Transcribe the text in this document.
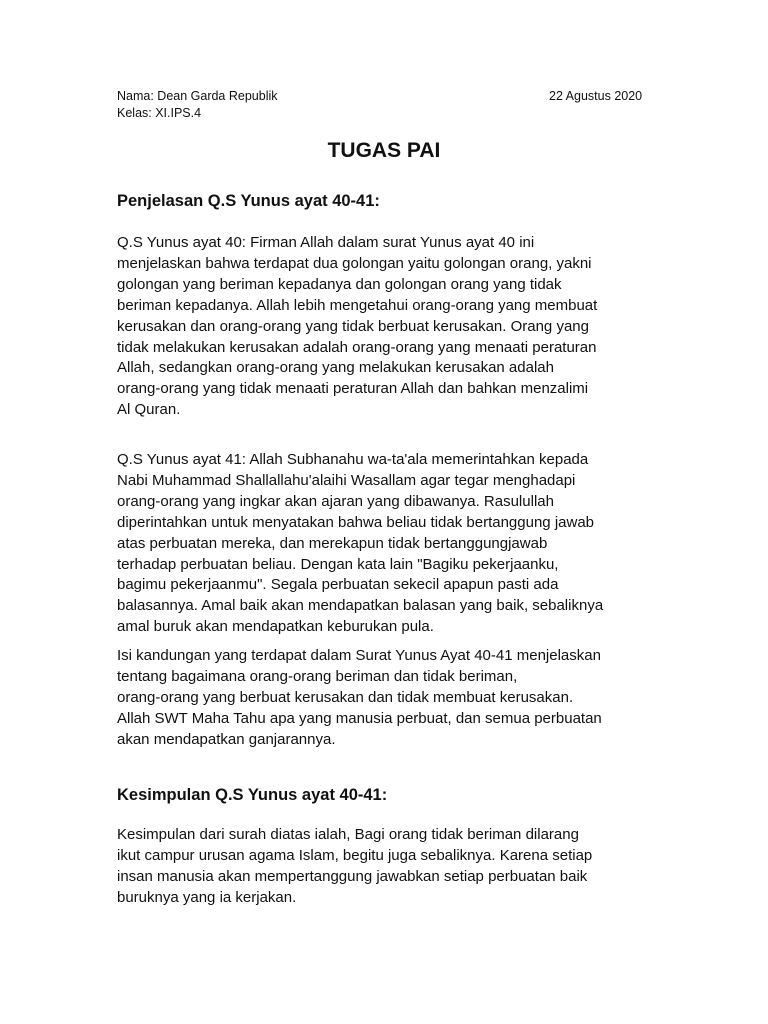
Nama: Dean Garda Republik
Kelas: XI.IPS.4
22 Agustus 2020
TUGAS PAI
Penjelasan Q.S Yunus ayat 40-41:
Q.S Yunus ayat 40: Firman Allah dalam surat Yunus ayat 40 ini
menjelaskan bahwa terdapat dua golongan yaitu golongan orang, yakni
golongan yang beriman kepadanya dan golongan orang yang tidak
beriman kepadanya. Allah lebih mengetahui orang-orang yang membuat
kerusakan dan orang-orang yang tidak berbuat kerusakan. Orang yang
tidak melakukan kerusakan adalah orang-orang yang menaati peraturan
Allah, sedangkan orang-orang yang melakukan kerusakan adalah
orang-orang yang tidak menaati peraturan Allah dan bahkan menzalimi
Al Quran.
Q.S Yunus ayat 41: Allah Subhanahu wa-ta'ala memerintahkan kepada
Nabi Muhammad Shallallahu'alaihi Wasallam agar tegar menghadapi
orang-orang yang ingkar akan ajaran yang dibawanya. Rasulullah
diperintahkan untuk menyatakan bahwa beliau tidak bertanggung jawab
atas perbuatan mereka, dan merekapun tidak bertanggungjawab
terhadap perbuatan beliau. Dengan kata lain "Bagiku pekerjaanku,
bagimu pekerjaanmu". Segala perbuatan sekecil apapun pasti ada
balasannya. Amal baik akan mendapatkan balasan yang baik, sebaliknya
amal buruk akan mendapatkan keburukan pula.
Isi kandungan yang terdapat dalam Surat Yunus Ayat 40-41 menjelaskan
tentang bagaimana orang-orang beriman dan tidak beriman,
orang-orang yang berbuat kerusakan dan tidak membuat kerusakan.
Allah SWT Maha Tahu apa yang manusia perbuat, dan semua perbuatan
akan mendapatkan ganjarannya.
Kesimpulan Q.S Yunus ayat 40-41:
Kesimpulan dari surah diatas ialah, Bagi orang tidak beriman dilarang
ikut campur urusan agama Islam, begitu juga sebaliknya. Karena setiap
insan manusia akan mempertanggung jawabkan setiap perbuatan baik
buruknya yang ia kerjakan.
